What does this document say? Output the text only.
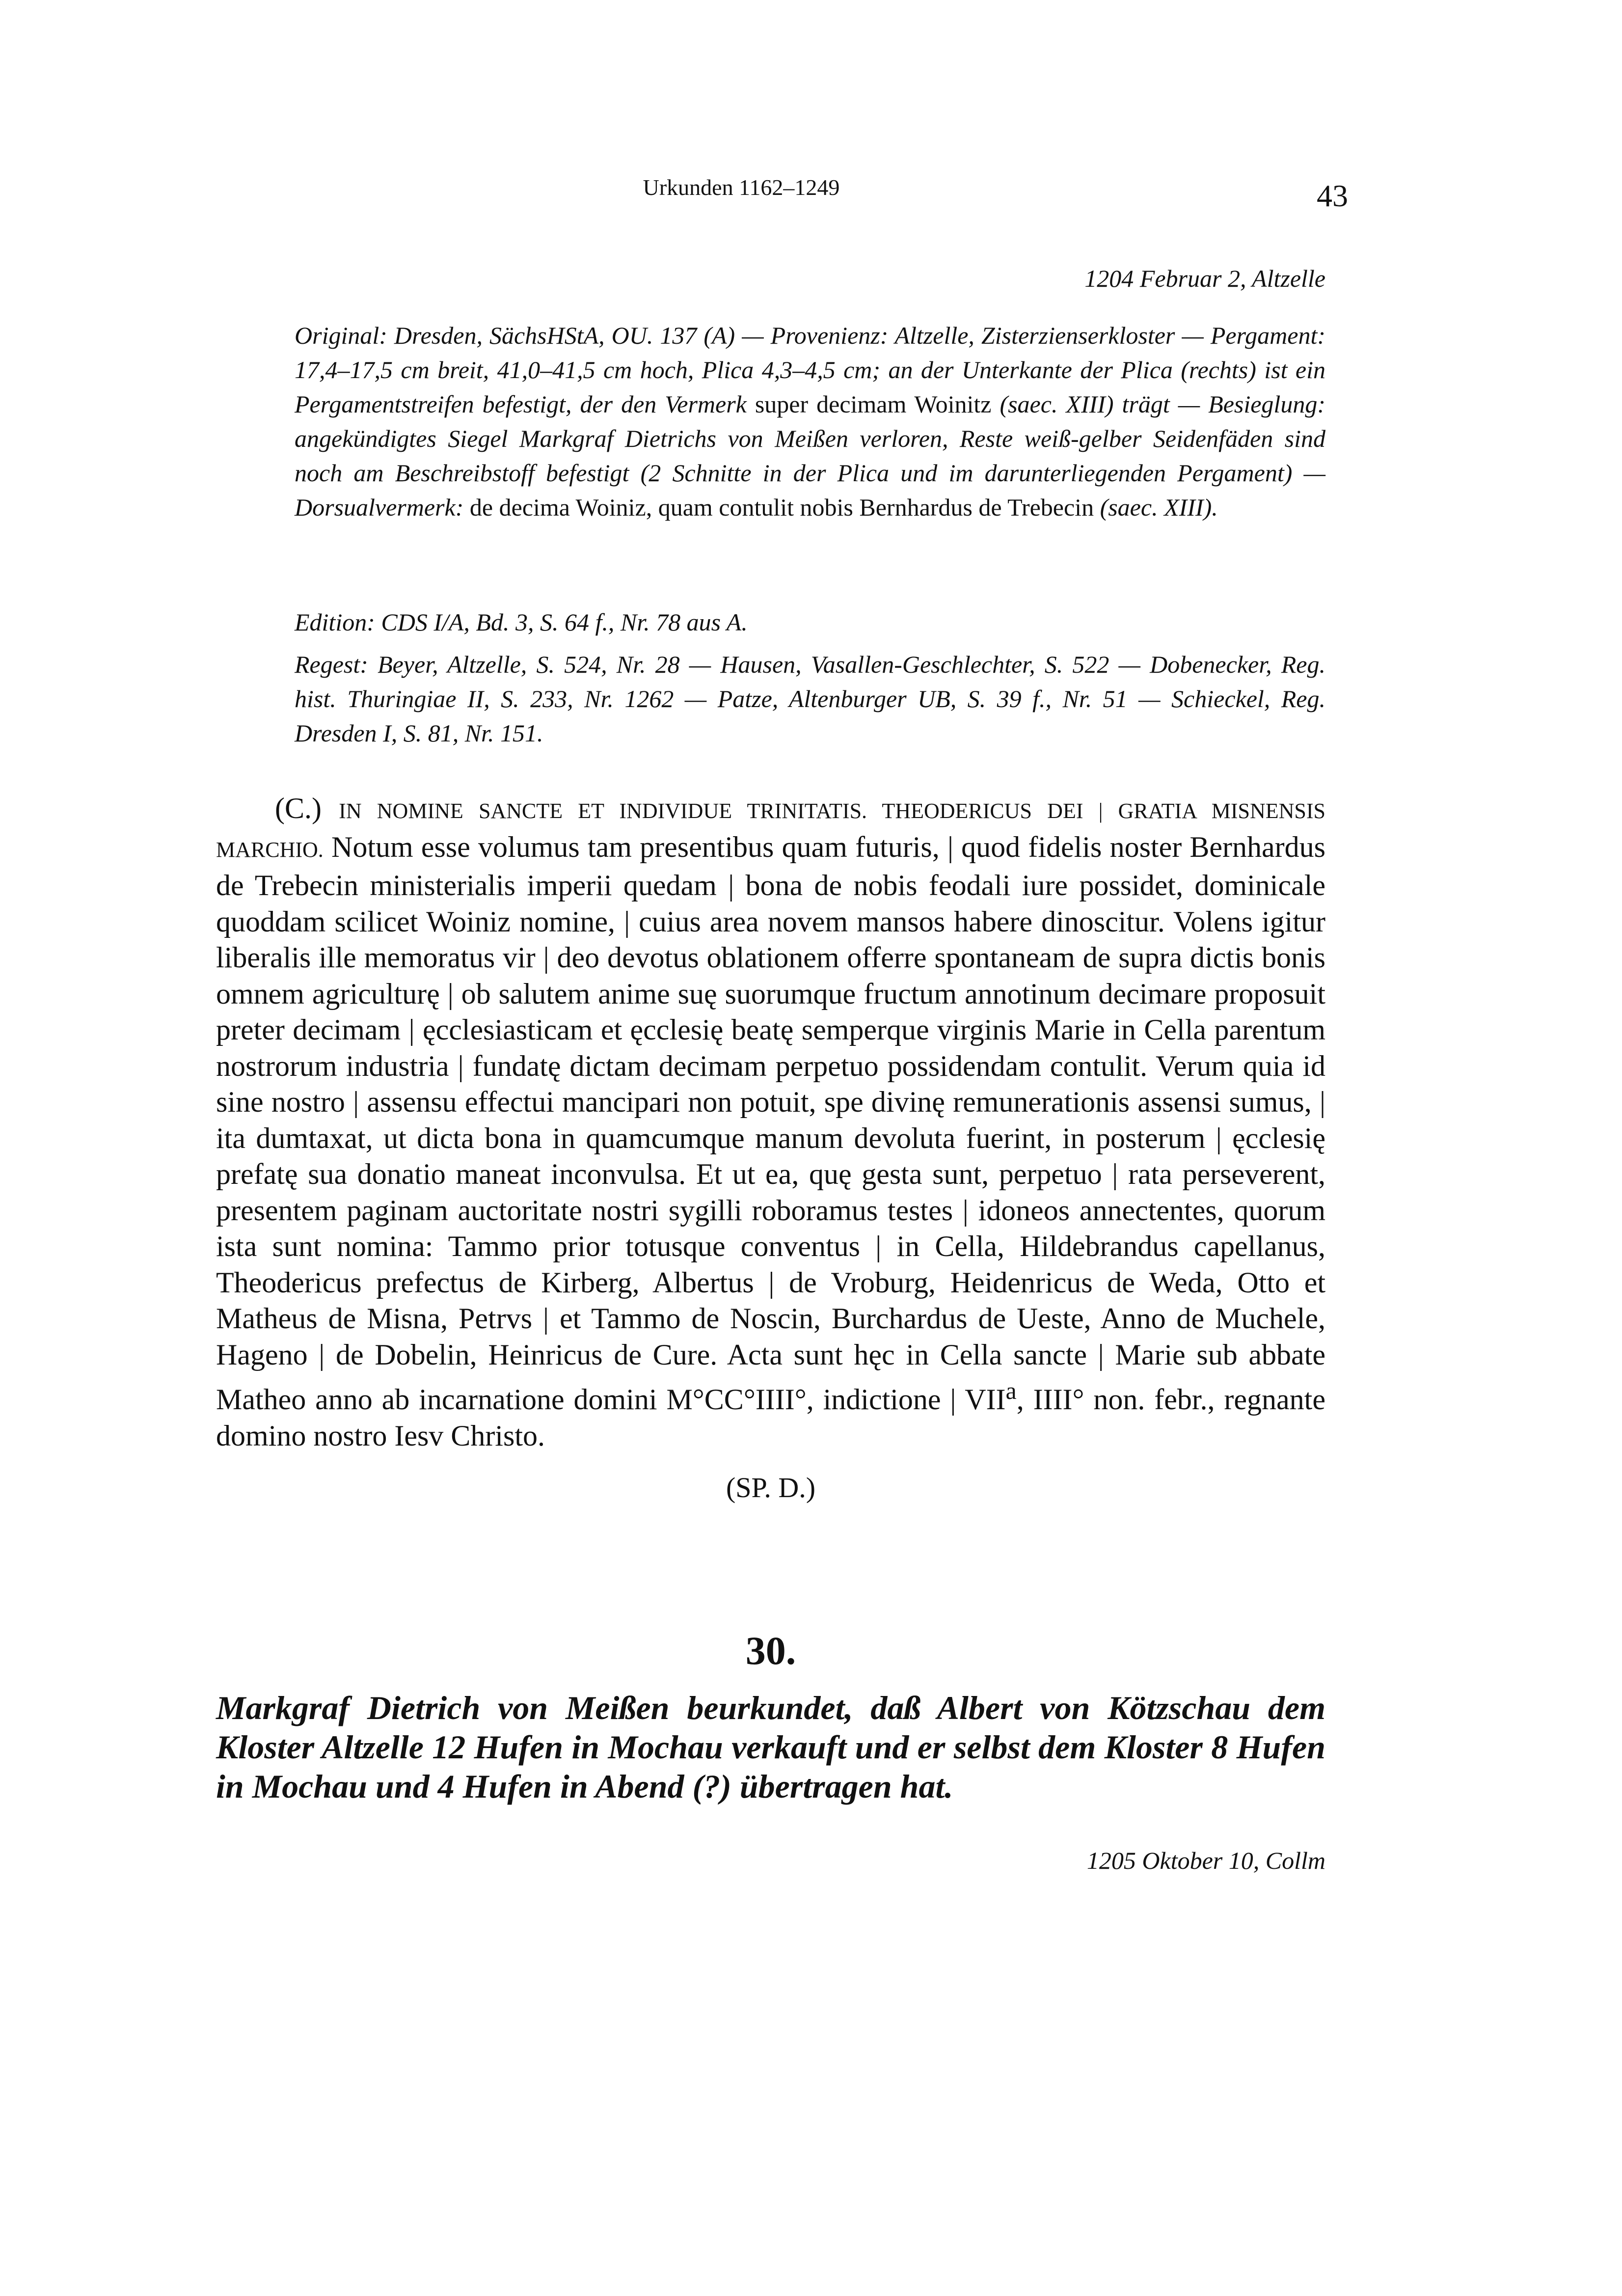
Urkunden 1162–1249	43
1204 Februar 2, Altzelle

Original: Dresden, SächsHStA, OU. 137 (A) — Provenienz: Altzelle, Zisterzienserkloster — Pergament: 17,4–17,5 cm breit, 41,0–41,5 cm hoch, Plica 4,3–4,5 cm; an der Unterkante der Plica (rechts) ist ein Pergamentstreifen befestigt, der den Vermerk super decimam Woinitz (saec. XIII) trägt — Besieglung: angekündigtes Siegel Markgraf Dietrichs von Meißen verloren, Reste weiß-gelber Seidenfäden sind noch am Beschreibstoff befestigt (2 Schnitte in der Plica und im darunterliegenden Pergament) — Dorsualvermerk: de decima Woiniz, quam contulit nobis Bernhardus de Trebecin (saec. XIII).

Edition: CDS I/A, Bd. 3, S. 64 f., Nr. 78 aus A.

Regest: Beyer, Altzelle, S. 524, Nr. 28 — Hausen, Vasallen-Geschlechter, S. 522 — Dobenecker, Reg. hist. Thuringiae II, S. 233, Nr. 1262 — Patze, Altenburger UB, S. 39 f., Nr. 51 — Schieckel, Reg. Dresden I, S. 81, Nr. 151.

(C.) IN NOMINE SANCTE ET INDIVIDUE TRINITATIS. THEODERICUS DEI | GRATIA MISNENSIS MARCHIO. Notum esse volumus tam presentibus quam futuris, | quod fidelis noster Bernhardus de Trebecin ministerialis imperii quedam | bona de nobis feodali iure possidet, dominicale quoddam scilicet Woiniz nomine, | cuius area novem mansos habere dinoscitur. Volens igitur liberalis ille memoratus vir | deo devotus oblationem offerre spontaneam de supra dictis bonis omnem agriculturę | ob salutem anime suę suorumque fructum annotinum decimare proposuit preter decimam | ęcclesiasticam et ęcclesię beatę semperque virginis Marie in Cella parentum nostrorum industria | fundatę dictam decimam perpetuo possidendam contulit. Verum quia id sine nostro | assensu effectui mancipari non potuit, spe divinę remunerationis assensi sumus, | ita dumtaxat, ut dicta bona in quamcumque manum devoluta fuerint, in posterum | ęcclesię prefatę sua donatio maneat inconvulsa. Et ut ea, quę gesta sunt, perpetuo | rata perseverent, presentem paginam auctoritate nostri sygilli roboramus testes | idoneos annectentes, quorum ista sunt nomina: Tammo prior totusque conventus | in Cella, Hildebrandus capellanus, Theodericus prefectus de Kirberg, Albertus | de Vroburg, Heidenricus de Weda, Otto et Matheus de Misna, Petrvs | et Tammo de Noscin, Burchardus de Ueste, Anno de Muchele, Hageno | de Dobelin, Heinricus de Cure. Acta sunt hęc in Cella sancte | Marie sub abbate Matheo anno ab incarnatione domini M°CC°IIII°, indictione | VII$^a$, IIII° non. febr., regnante domino nostro Iesv Christo.

(SP. D.)
30.

Markgraf Dietrich von Meißen beurkundet, daß Albert von Kötzschau dem Kloster Altzelle 12 Hufen in Mochau verkauft und er selbst dem Kloster 8 Hufen in Mochau und 4 Hufen in Abend (?) übertragen hat.

1205 Oktober 10, Collm
